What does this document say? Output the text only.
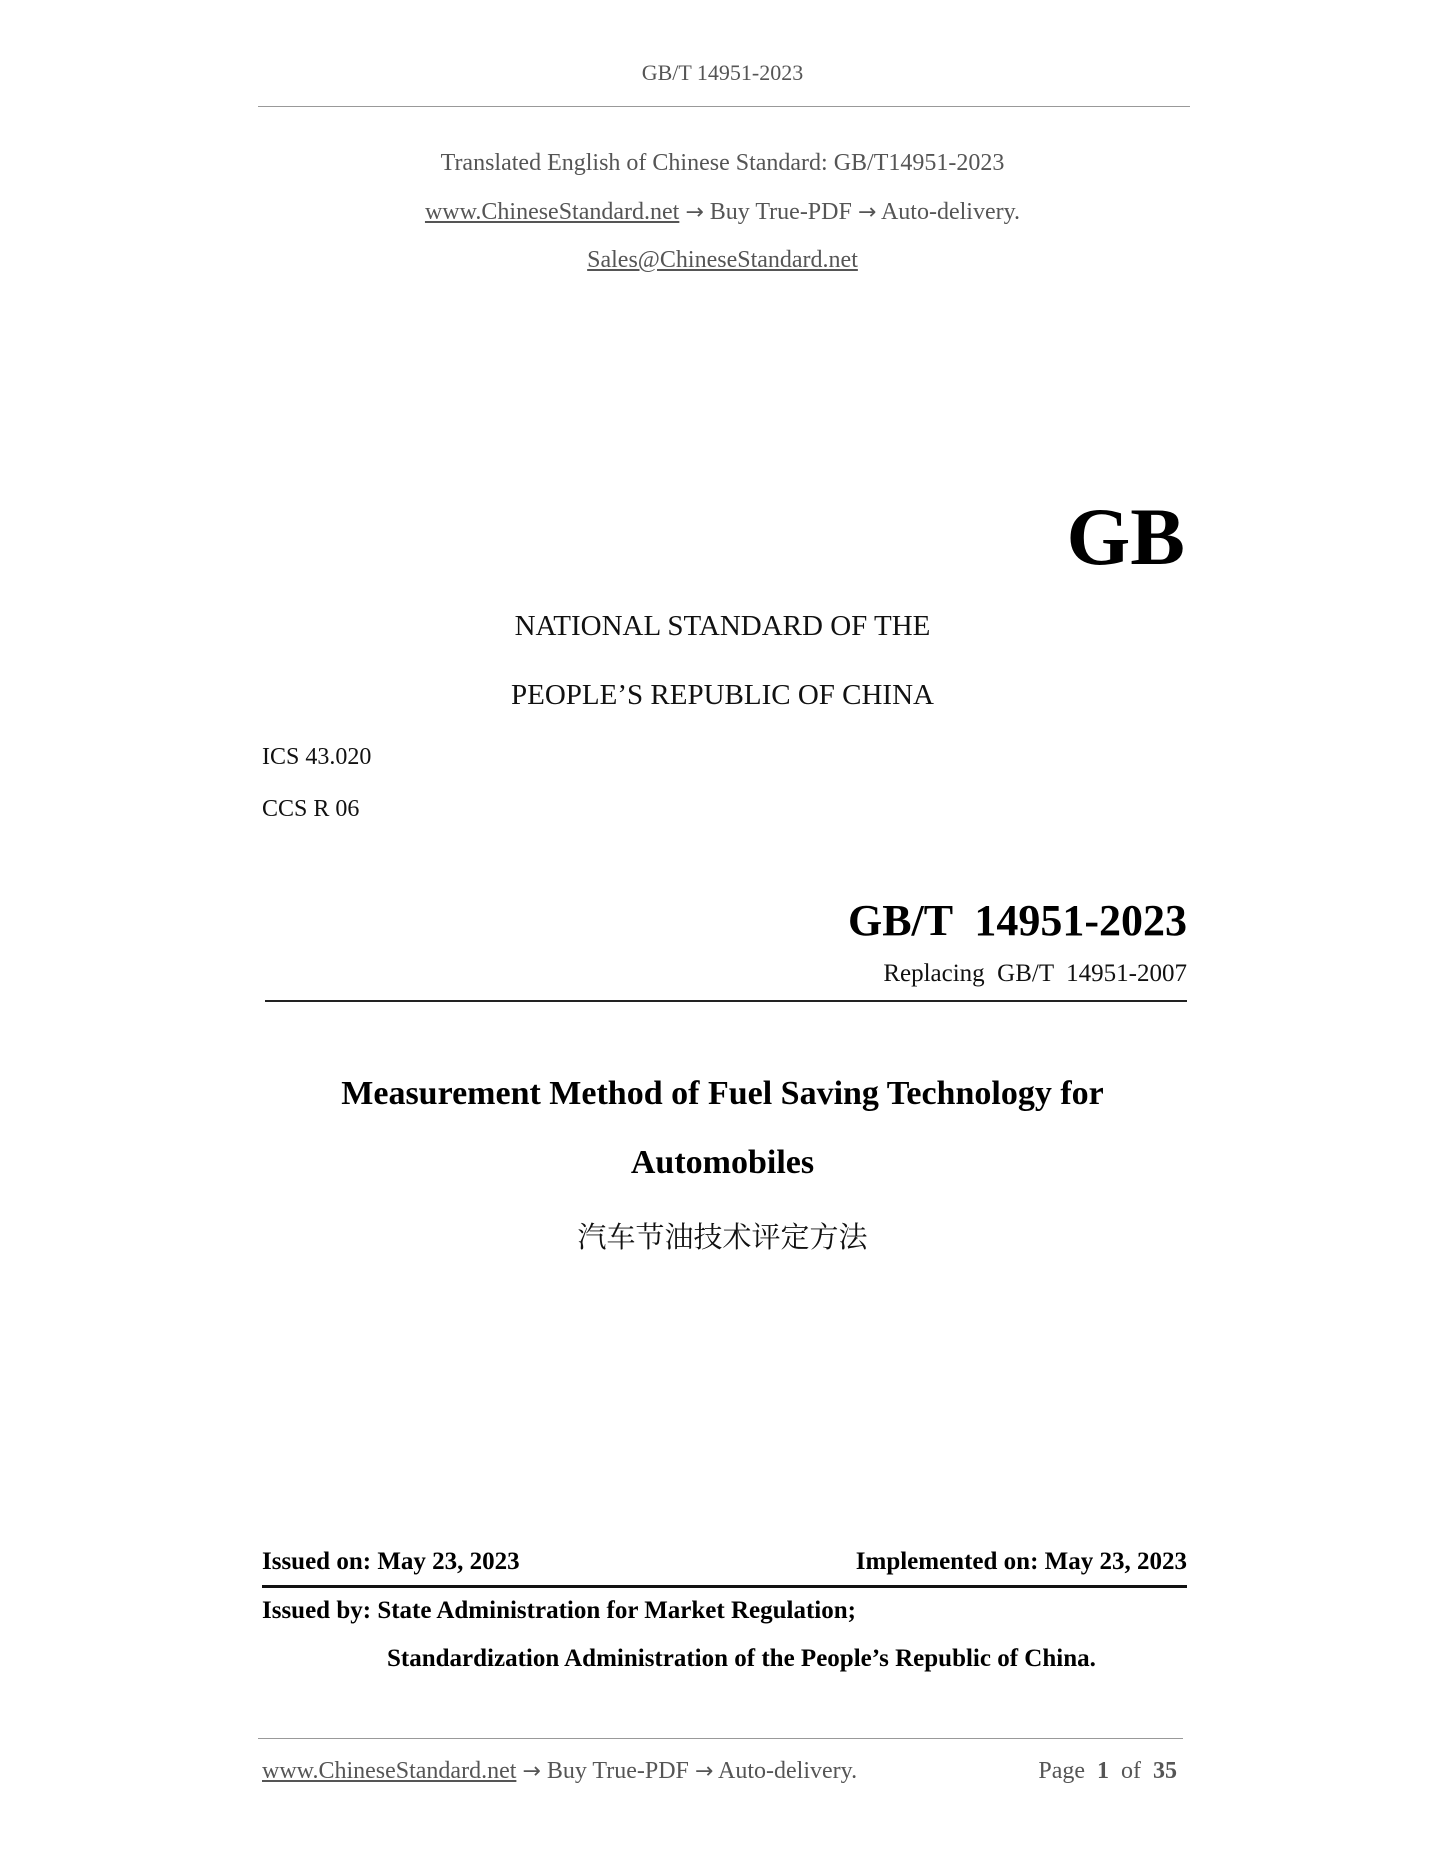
GB/T 14951-2023
Translated English of Chinese Standard: GB/T14951-2023
www.ChineseStandard.net → Buy True-PDF → Auto-delivery.
Sales@ChineseStandard.net
GB
NATIONAL STANDARD OF THE
PEOPLE’S REPUBLIC OF CHINA
ICS 43.020
CCS R 06
GB/T  14951-2023
Replacing  GB/T  14951-2007
Measurement Method of Fuel Saving Technology for
Automobiles
汽车节油技术评定方法
Issued on: May 23, 2023	Implemented on: May 23, 2023
Issued by: State Administration for Market Regulation;
Standardization Administration of the People’s Republic of China.
www.ChineseStandard.net → Buy True-PDF → Auto-delivery.	Page 1 of 35
